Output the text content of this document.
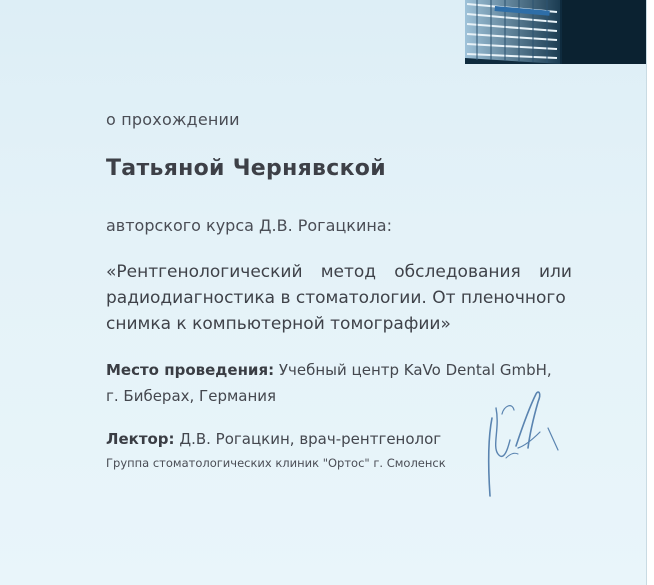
о прохождении

Татьяной Чернявской

авторского курса Д.В. Рогацкина:

«Рентгенологический метод обследования или
радиодиагностика в стоматологии. От пленочного
снимка к компьютерной томографии»
Место проведения: Учебный центр KaVo Dental GmbH,
г. Биберах, Германия
Лектор: Д.В. Рогацкин, врач-рентгенолог

Группа стоматологических клиник "Ортос" г. Смоленск
